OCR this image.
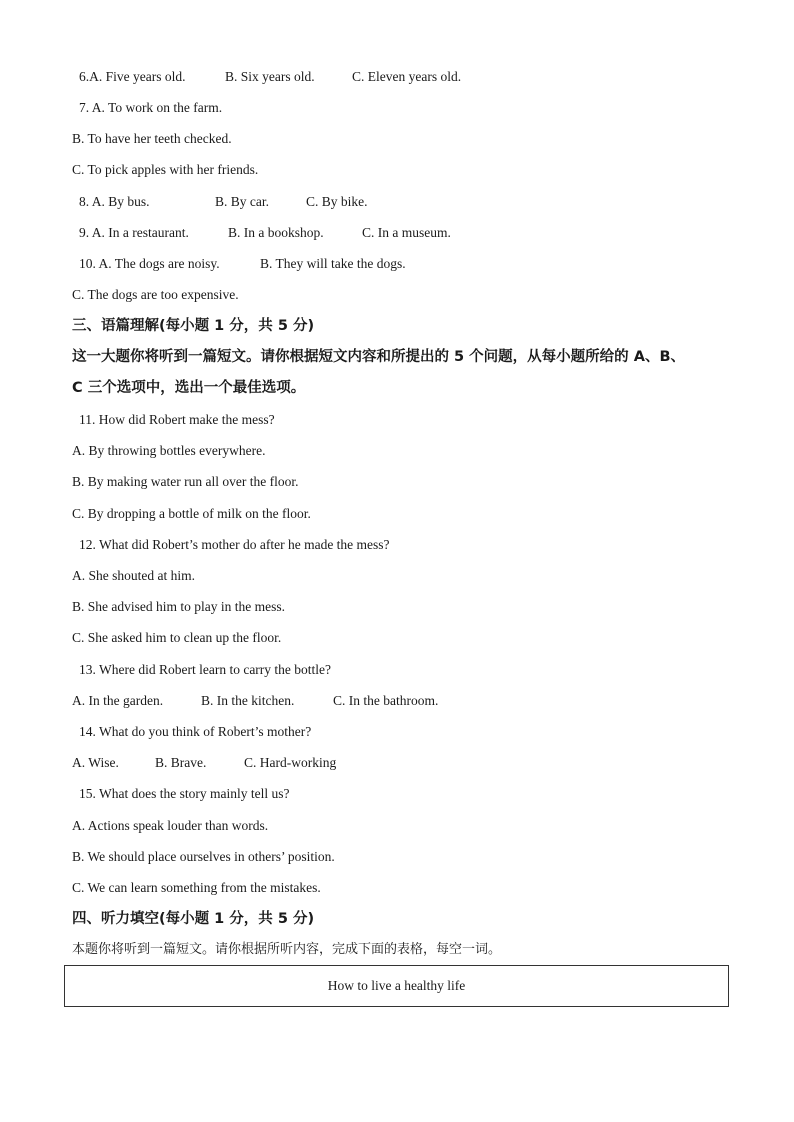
6.A. Five years old.	B. Six years old.	C. Eleven years old.
7. A. To work on the farm.
B. To have her teeth checked.
C. To pick apples with her friends.
8. A. By bus.	B. By car.	C. By bike.
9. A. In a restaurant.	B. In a bookshop.	C. In a museum.
10. A. The dogs are noisy.	B. They will take the dogs.
C. The dogs are too expensive.
三、语篇理解(每小题 1 分，共 5 分)
这一大题你将听到一篇短文。请你根据短文内容和所提出的 5 个问题，从每小题所给的 A、B、
C 三个选项中，选出一个最佳选项。
11. How did Robert make the mess?
A. By throwing bottles everywhere.
B. By making water run all over the floor.
C. By dropping a bottle of milk on the floor.
12. What did Robert’s mother do after he made the mess?
A. She shouted at him.
B. She advised him to play in the mess.
C. She asked him to clean up the floor.
13. Where did Robert learn to carry the bottle?
A. In the garden.	B. In the kitchen.	C. In the bathroom.
14. What do you think of Robert’s mother?
A. Wise.	B. Brave.	C. Hard-working
15. What does the story mainly tell us?
A. Actions speak louder than words.
B. We should place ourselves in others’ position.
C. We can learn something from the mistakes.
四、听力填空(每小题 1 分，共 5 分)
本题你将听到一篇短文。请你根据所听内容，完成下面的表格，每空一词。
How to live a healthy life
